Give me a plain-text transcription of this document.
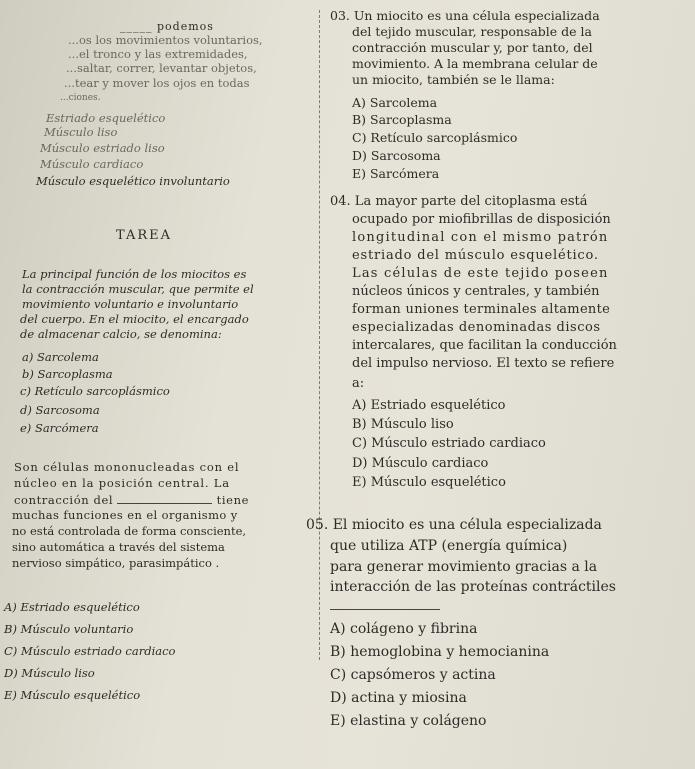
_____ podemos
...os los movimientos voluntarios,
...el tronco y las extremidades,
...saltar, correr, levantar objetos,
...tear y mover los ojos en todas
...ciones.
Estriado esquelético
Músculo liso
Músculo estriado liso
Músculo cardiaco
Músculo esquelético involuntario
TAREA
La principal función de los miocitos es
la contracción muscular, que permite el
movimiento voluntario e involuntario
del cuerpo. En el miocito, el encargado
de almacenar calcio, se denomina:
a) Sarcolema
b) Sarcoplasma
c) Retículo sarcoplásmico
d) Sarcosoma
e) Sarcómera
Son células mononucleadas con el
núcleo en la posición central. La
contracción del	tiene
muchas funciones en el organismo y
no está controlada de forma consciente,
sino automática a través del sistema
nervioso simpático, parasimpático .
A) Estriado esquelético
B) Músculo voluntario
C) Músculo estriado cardiaco
D) Músculo liso
E) Músculo esquelético
03. Un miocito es una célula especializada
del tejido muscular, responsable de la
contracción muscular y, por tanto, del
movimiento. A la membrana celular de
un miocito, también se le llama:
A) Sarcolema
B) Sarcoplasma
C) Retículo sarcoplásmico
D) Sarcosoma
E) Sarcómera
04. La mayor parte del citoplasma está
ocupado por miofibrillas de disposición
longitudinal con el mismo patrón
estriado del músculo esquelético.
Las células de este tejido poseen
núcleos únicos y centrales, y también
forman uniones terminales altamente
especializadas denominadas discos
intercalares, que facilitan la conducción
del impulso nervioso. El texto se refiere
a:
A) Estriado esquelético
B) Músculo liso
C) Músculo estriado cardiaco
D) Músculo cardiaco
E) Músculo esquelético
05. El miocito es una célula especializada
que utiliza ATP (energía química)
para generar movimiento gracias a la
interacción de las proteínas contráctiles
A) colágeno y fibrina
B) hemoglobina y hemocianina
C) capsómeros y actina
D) actina y miosina
E) elastina y colágeno
